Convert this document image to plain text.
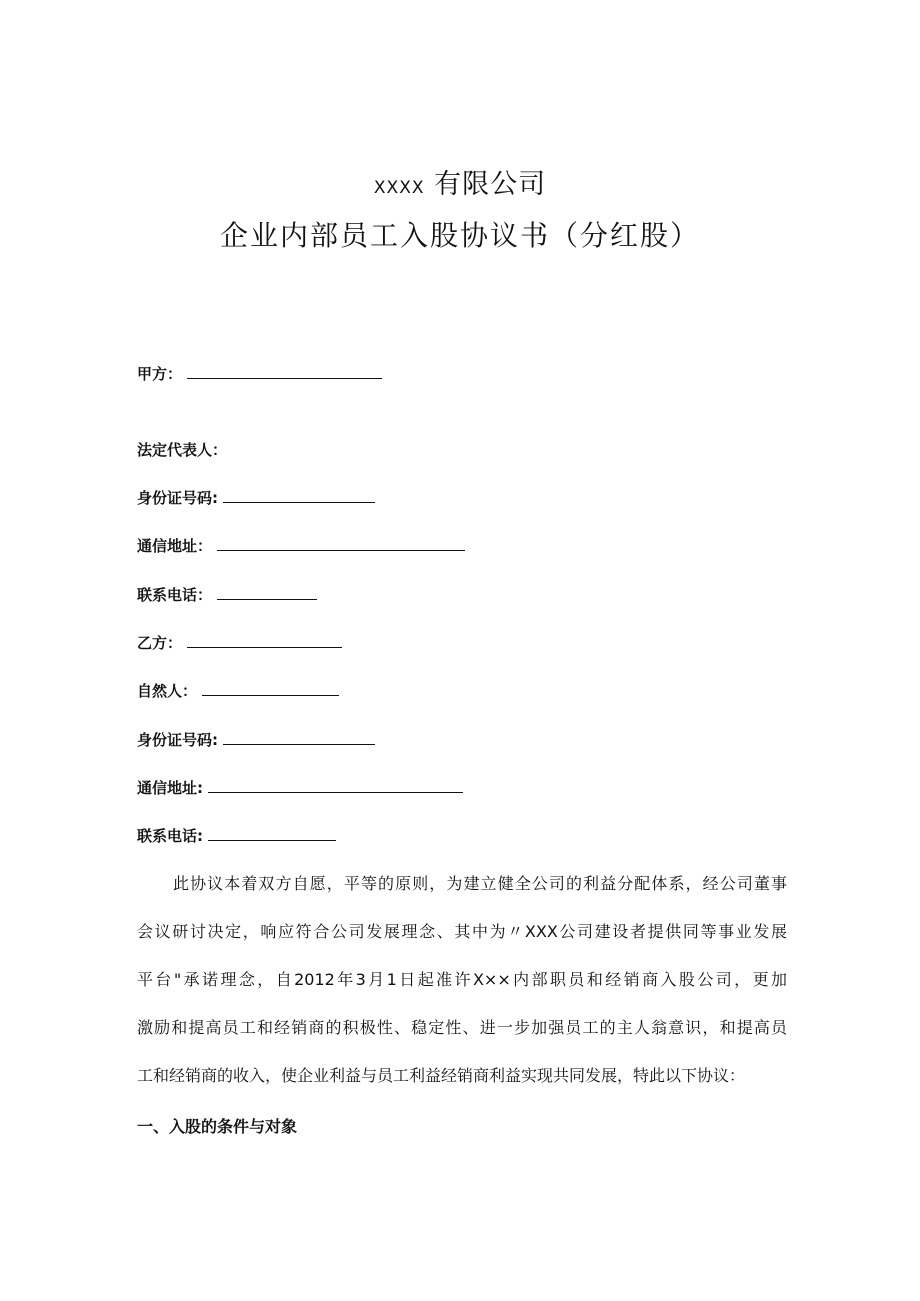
XXXX 有限公司
企业内部员工入股协议书（分红股）
甲方：
法定代表人：
身份证号码:
通信地址：
联系电话：
乙方：
自然人：
身份证号码:
通信地址:
联系电话:

此协议本着双方自愿，平等的原则，为建立健全公司的利益分配体系，经公司董事

会议研讨决定，响应符合公司发展理念、其中为〃XXX公司建设者提供同等事业发展

平台"承诺理念，自2012年3月1日起准许X××内部职员和经销商入股公司，更加

激励和提高员工和经销商的积极性、稳定性、进一步加强员工的主人翁意识，和提高员

工和经销商的收入，使企业利益与员工利益经销商利益实现共同发展，特此以下协议：

一、入股的条件与对象
